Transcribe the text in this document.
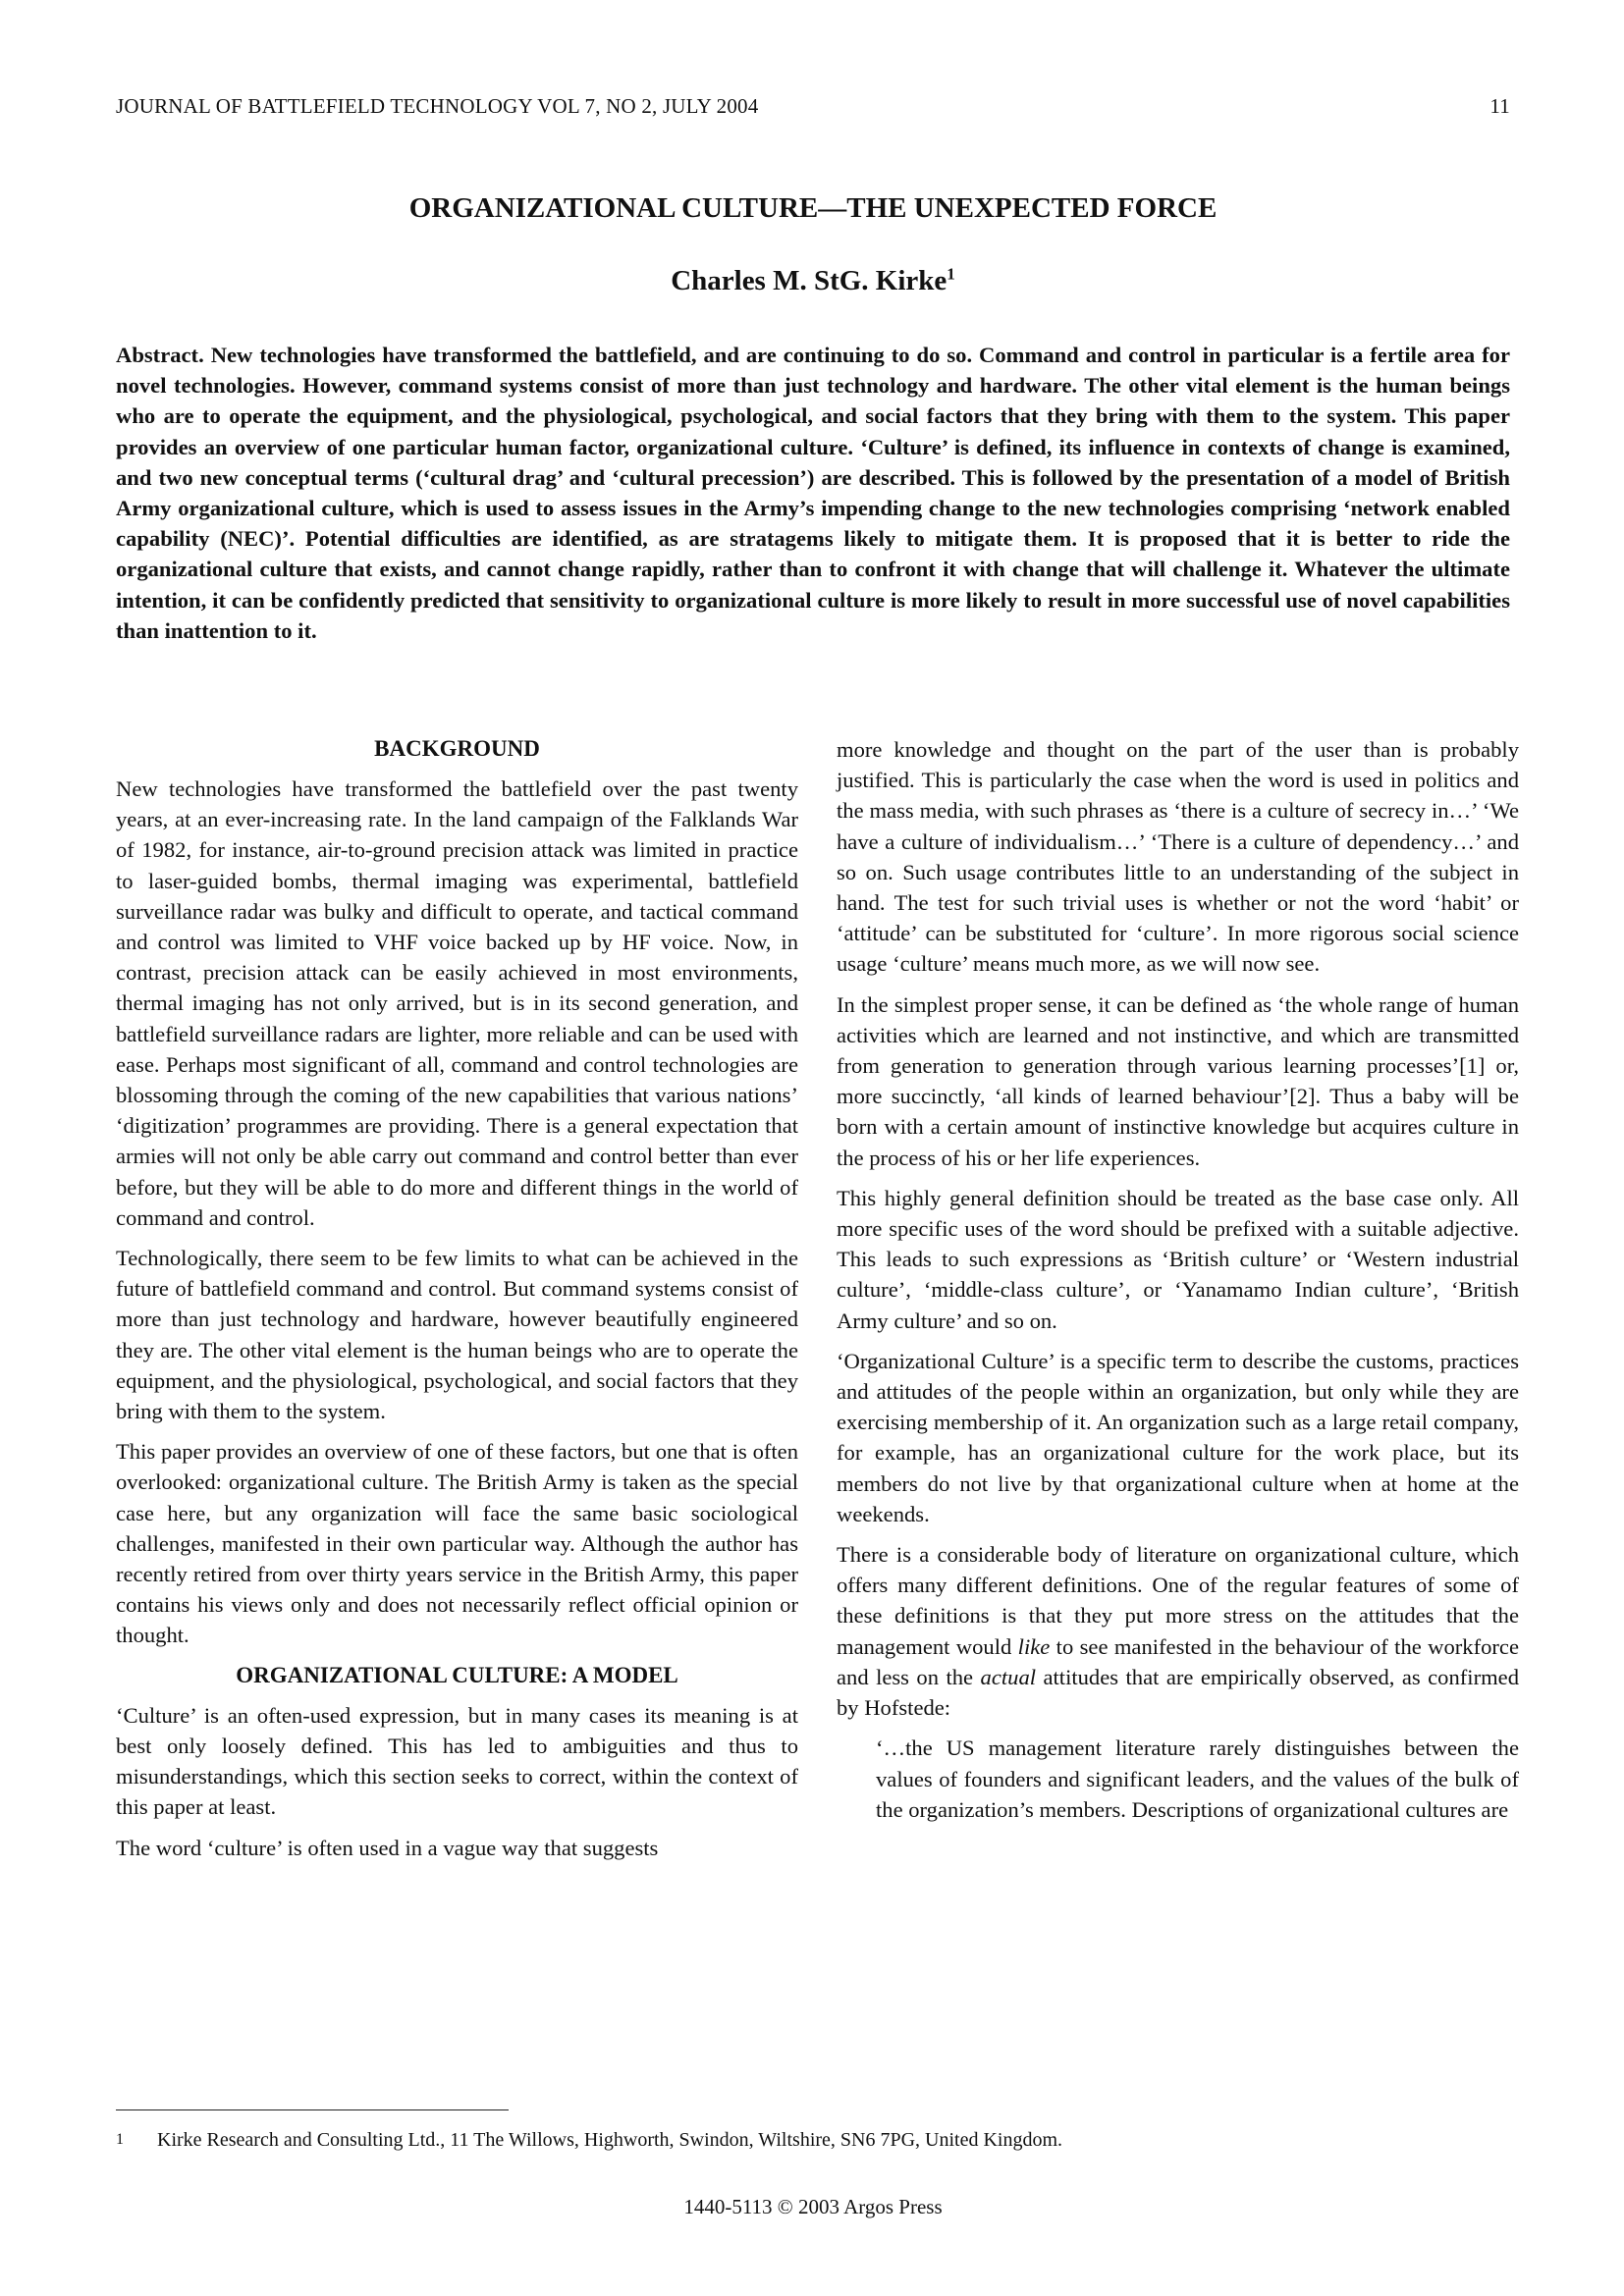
JOURNAL OF BATTLEFIELD TECHNOLOGY VOL 7, NO 2, JULY 2004	11
ORGANIZATIONAL CULTURE—THE UNEXPECTED FORCE
Charles M. StG. Kirke$^1$

Abstract. New technologies have transformed the battlefield, and are continuing to do so. Command and control in particular is a fertile area for novel technologies. However, command systems consist of more than just technology and hardware. The other vital element is the human beings who are to operate the equipment, and the physiological, psychological, and social factors that they bring with them to the system. This paper provides an overview of one particular human factor, organizational culture. ‘Culture’ is defined, its influence in contexts of change is examined, and two new conceptual terms (‘cultural drag’ and ‘cultural precession’) are described. This is followed by the presentation of a model of British Army organizational culture, which is used to assess issues in the Army’s impending change to the new technologies comprising ‘network enabled capability (NEC)’. Potential difficulties are identified, as are stratagems likely to mitigate them. It is proposed that it is better to ride the organizational culture that exists, and cannot change rapidly, rather than to confront it with change that will challenge it. Whatever the ultimate intention, it can be confidently predicted that sensitivity to organizational culture is more likely to result in more successful use of novel capabilities than inattention to it.

BACKGROUND

New technologies have transformed the battlefield over the past twenty years, at an ever-increasing rate. In the land campaign of the Falklands War of 1982, for instance, air-to-ground precision attack was limited in practice to laser-guided bombs, thermal imaging was experimental, battlefield surveillance radar was bulky and difficult to operate, and tactical command and control was limited to VHF voice backed up by HF voice. Now, in contrast, precision attack can be easily achieved in most environments, thermal imaging has not only arrived, but is in its second generation, and battlefield surveillance radars are lighter, more reliable and can be used with ease. Perhaps most significant of all, command and control technologies are blossoming through the coming of the new capabilities that various nations’ ‘digitization’ programmes are providing. There is a general expectation that armies will not only be able carry out command and control better than ever before, but they will be able to do more and different things in the world of command and control.

Technologically, there seem to be few limits to what can be achieved in the future of battlefield command and control. But command systems consist of more than just technology and hardware, however beautifully engineered they are. The other vital element is the human beings who are to operate the equipment, and the physiological, psychological, and social factors that they bring with them to the system.

This paper provides an overview of one of these factors, but one that is often overlooked: organizational culture. The British Army is taken as the special case here, but any organization will face the same basic sociological challenges, manifested in their own particular way. Although the author has recently retired from over thirty years service in the British Army, this paper contains his views only and does not necessarily reflect official opinion or thought.

ORGANIZATIONAL CULTURE: A MODEL

‘Culture’ is an often-used expression, but in many cases its meaning is at best only loosely defined. This has led to ambiguities and thus to misunderstandings, which this section seeks to correct, within the context of this paper at least.

The word ‘culture’ is often used in a vague way that suggests

more knowledge and thought on the part of the user than is probably justified. This is particularly the case when the word is used in politics and the mass media, with such phrases as ‘there is a culture of secrecy in…’ ‘We have a culture of individualism…’ ‘There is a culture of dependency…’ and so on. Such usage contributes little to an understanding of the subject in hand. The test for such trivial uses is whether or not the word ‘habit’ or ‘attitude’ can be substituted for ‘culture’. In more rigorous social science usage ‘culture’ means much more, as we will now see.

In the simplest proper sense, it can be defined as ‘the whole range of human activities which are learned and not instinctive, and which are transmitted from generation to generation through various learning processes’[1] or, more succinctly, ‘all kinds of learned behaviour’[2]. Thus a baby will be born with a certain amount of instinctive knowledge but acquires culture in the process of his or her life experiences.

This highly general definition should be treated as the base case only. All more specific uses of the word should be prefixed with a suitable adjective. This leads to such expressions as ‘British culture’ or ‘Western industrial culture’, ‘middle-class culture’, or ‘Yanamamo Indian culture’, ‘British Army culture’ and so on.

‘Organizational Culture’ is a specific term to describe the customs, practices and attitudes of the people within an organization, but only while they are exercising membership of it. An organization such as a large retail company, for example, has an organizational culture for the work place, but its members do not live by that organizational culture when at home at the weekends.

There is a considerable body of literature on organizational culture, which offers many different definitions. One of the regular features of some of these definitions is that they put more stress on the attitudes that the management would like to see manifested in the behaviour of the workforce and less on the actual attitudes that are empirically observed, as confirmed by Hofstede:

‘…the US management literature rarely distinguishes between the values of founders and significant leaders, and the values of the bulk of the organization’s members. Descriptions of organizational cultures are
1 Kirke Research and Consulting Ltd., 11 The Willows, Highworth, Swindon, Wiltshire, SN6 7PG, United Kingdom.
1440-5113 © 2003 Argos Press
